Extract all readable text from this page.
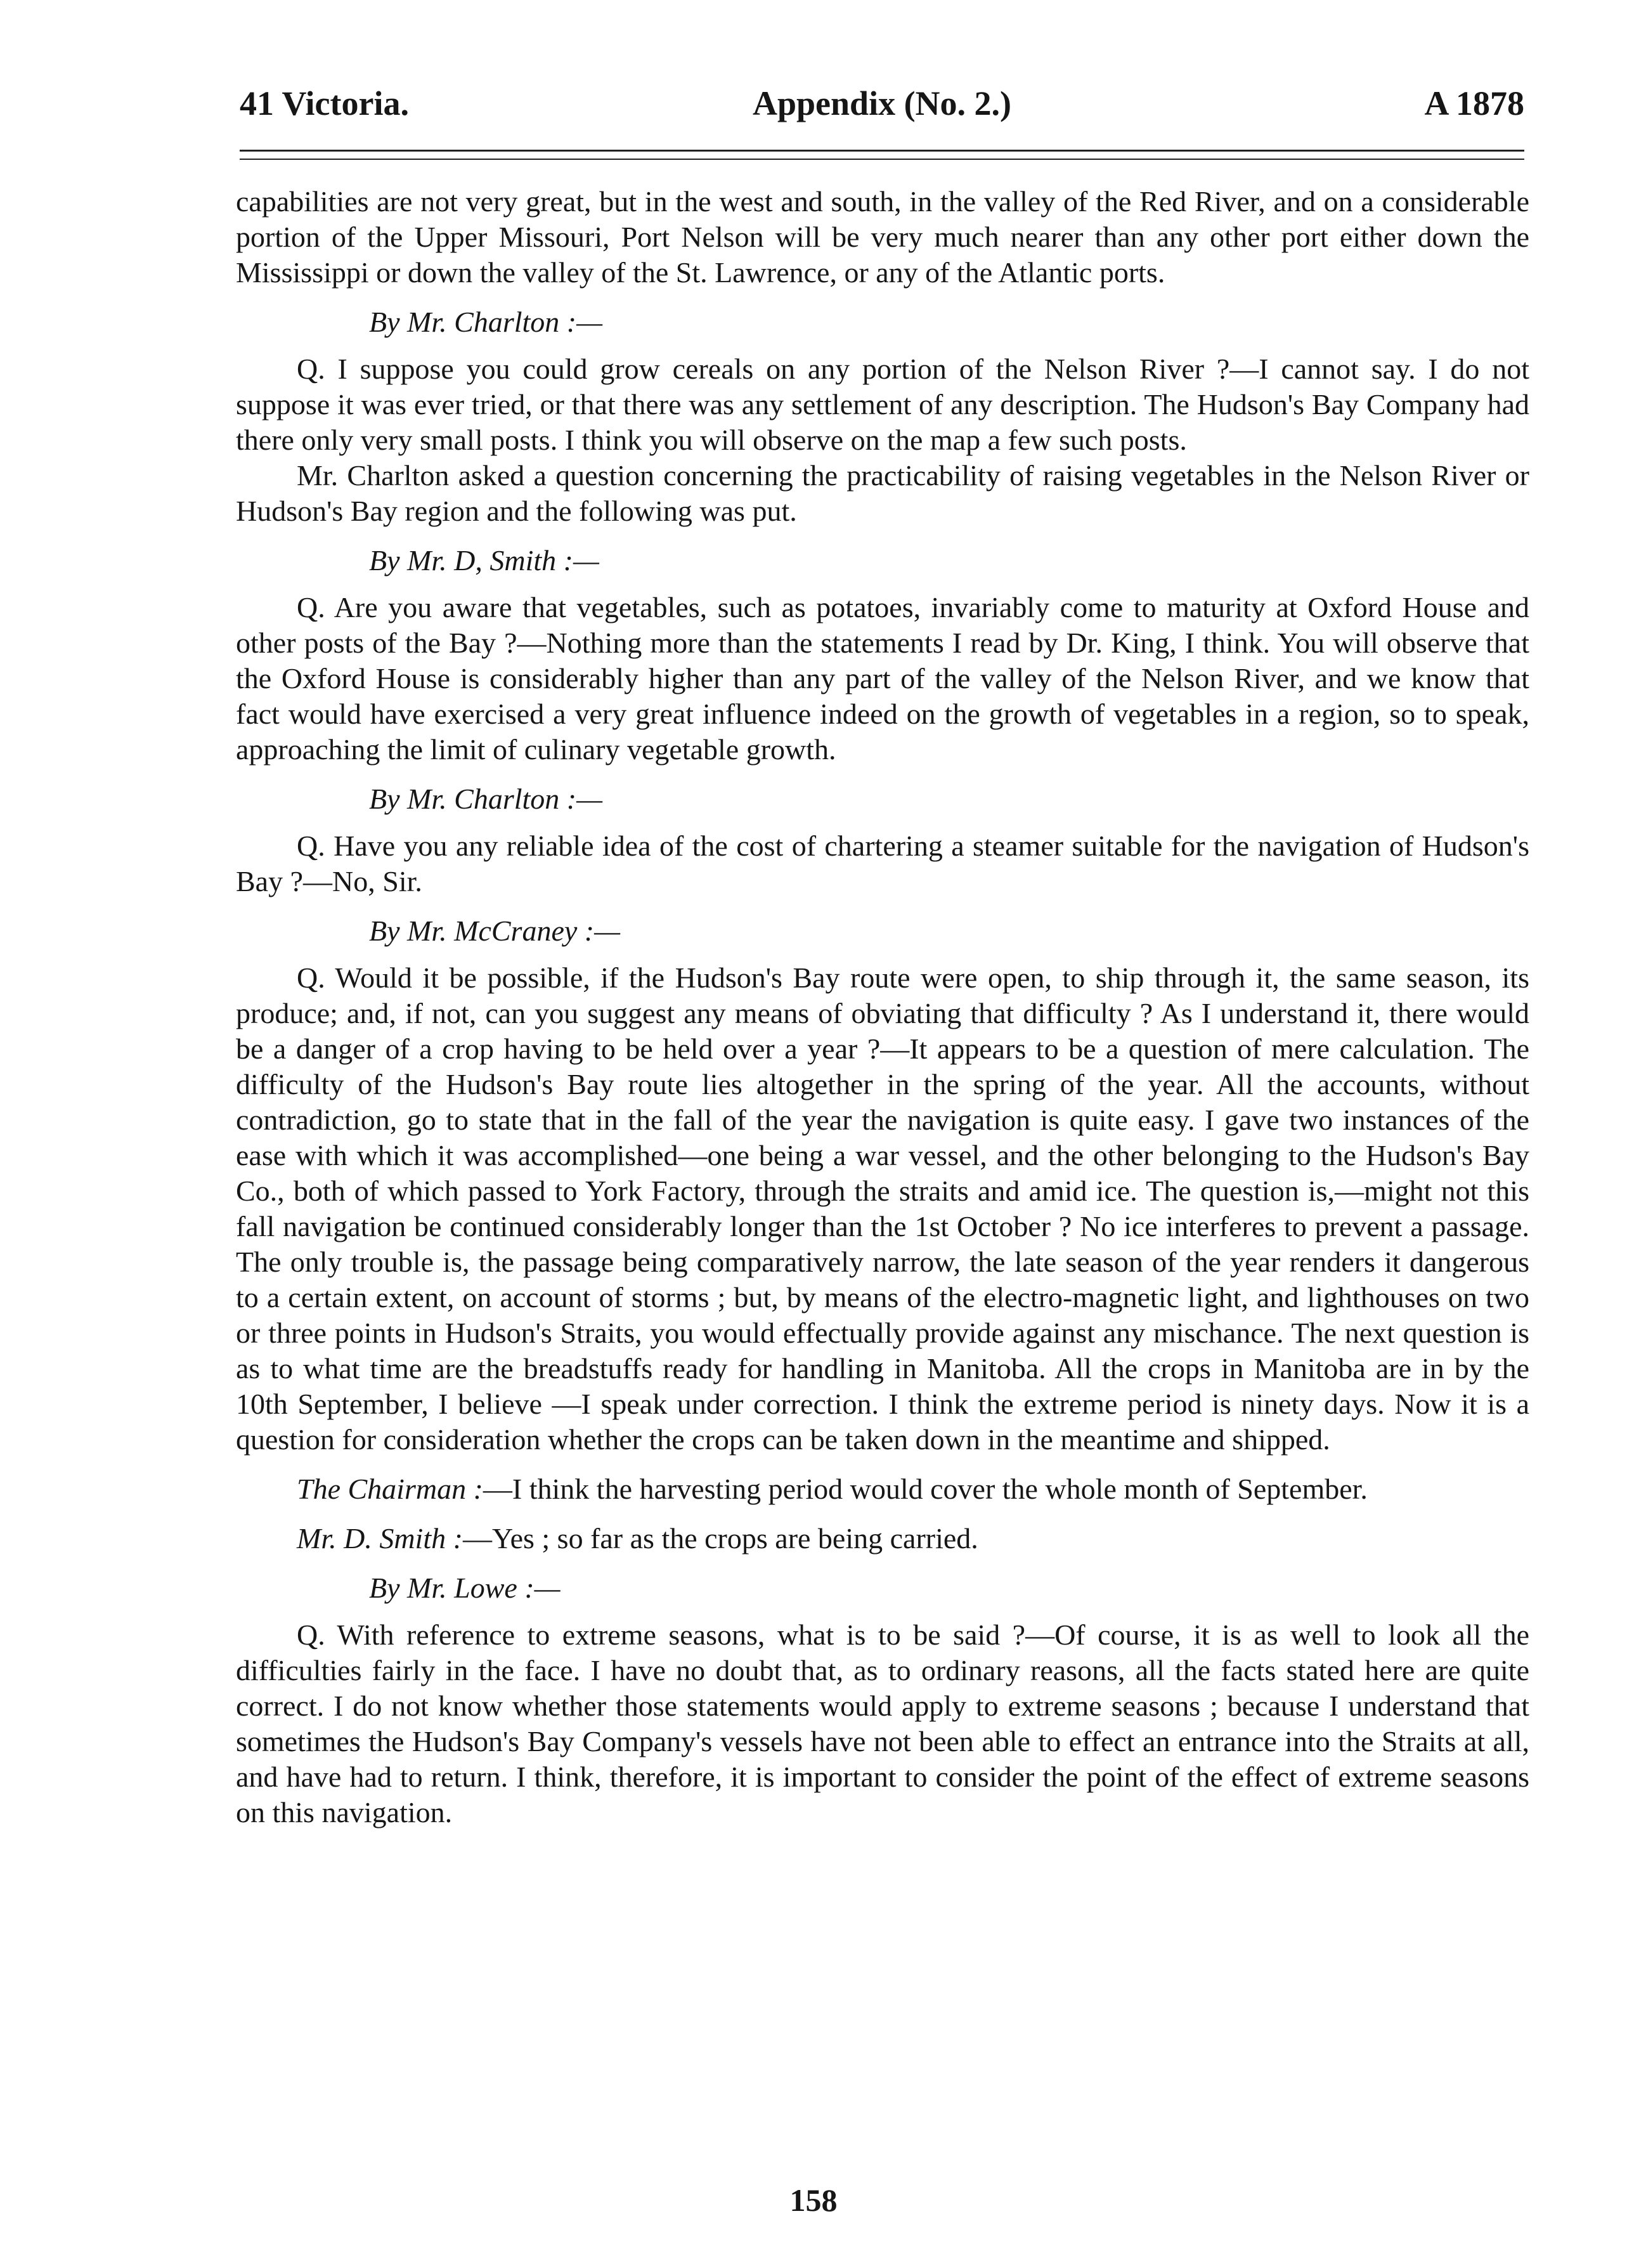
41 Victoria.	Appendix (No. 2.)	A 1878

capabilities are not very great, but in the west and south, in the valley of the Red River, and on a considerable portion of the Upper Missouri, Port Nelson will be very much nearer than any other port either down the Mississippi or down the valley of the St. Lawrence, or any of the Atlantic ports.

By Mr. Charlton :—

Q. I suppose you could grow cereals on any portion of the Nelson River ?—I cannot say. I do not suppose it was ever tried, or that there was any settlement of any description. The Hudson's Bay Company had there only very small posts. I think you will observe on the map a few such posts.

Mr. Charlton asked a question concerning the practicability of raising vegetables in the Nelson River or Hudson's Bay region and the following was put.

By Mr. D, Smith :—

Q. Are you aware that vegetables, such as potatoes, invariably come to maturity at Oxford House and other posts of the Bay ?—Nothing more than the statements I read by Dr. King, I think. You will observe that the Oxford House is considerably higher than any part of the valley of the Nelson River, and we know that fact would have exercised a very great influence indeed on the growth of vegetables in a region, so to speak, approaching the limit of culinary vegetable growth.

By Mr. Charlton :—

Q. Have you any reliable idea of the cost of chartering a steamer suitable for the navigation of Hudson's Bay ?—No, Sir.

By Mr. McCraney :—

Q. Would it be possible, if the Hudson's Bay route were open, to ship through it, the same season, its produce; and, if not, can you suggest any means of obviating that difficulty ? As I understand it, there would be a danger of a crop having to be held over a year ?—It appears to be a question of mere calculation. The difficulty of the Hudson's Bay route lies altogether in the spring of the year. All the accounts, without contradiction, go to state that in the fall of the year the navigation is quite easy. I gave two instances of the ease with which it was accomplished—one being a war vessel, and the other belonging to the Hudson's Bay Co., both of which passed to York Factory, through the straits and amid ice. The question is,—might not this fall navigation be continued considerably longer than the 1st October ? No ice interferes to prevent a passage. The only trouble is, the passage being comparatively narrow, the late season of the year renders it dangerous to a certain extent, on account of storms ; but, by means of the electro-magnetic light, and lighthouses on two or three points in Hudson's Straits, you would effectually provide against any mischance. The next question is as to what time are the breadstuffs ready for handling in Manitoba. All the crops in Manitoba are in by the 10th September, I believe —I speak under correction. I think the extreme period is ninety days. Now it is a question for consideration whether the crops can be taken down in the meantime and shipped.

The Chairman :—I think the harvesting period would cover the whole month of September.

Mr. D. Smith :—Yes ; so far as the crops are being carried.

By Mr. Lowe :—

Q. With reference to extreme seasons, what is to be said ?—Of course, it is as well to look all the difficulties fairly in the face. I have no doubt that, as to ordinary reasons, all the facts stated here are quite correct. I do not know whether those statements would apply to extreme seasons ; because I understand that sometimes the Hudson's Bay Company's vessels have not been able to effect an entrance into the Straits at all, and have had to return. I think, therefore, it is important to consider the point of the effect of extreme seasons on this navigation.

158
